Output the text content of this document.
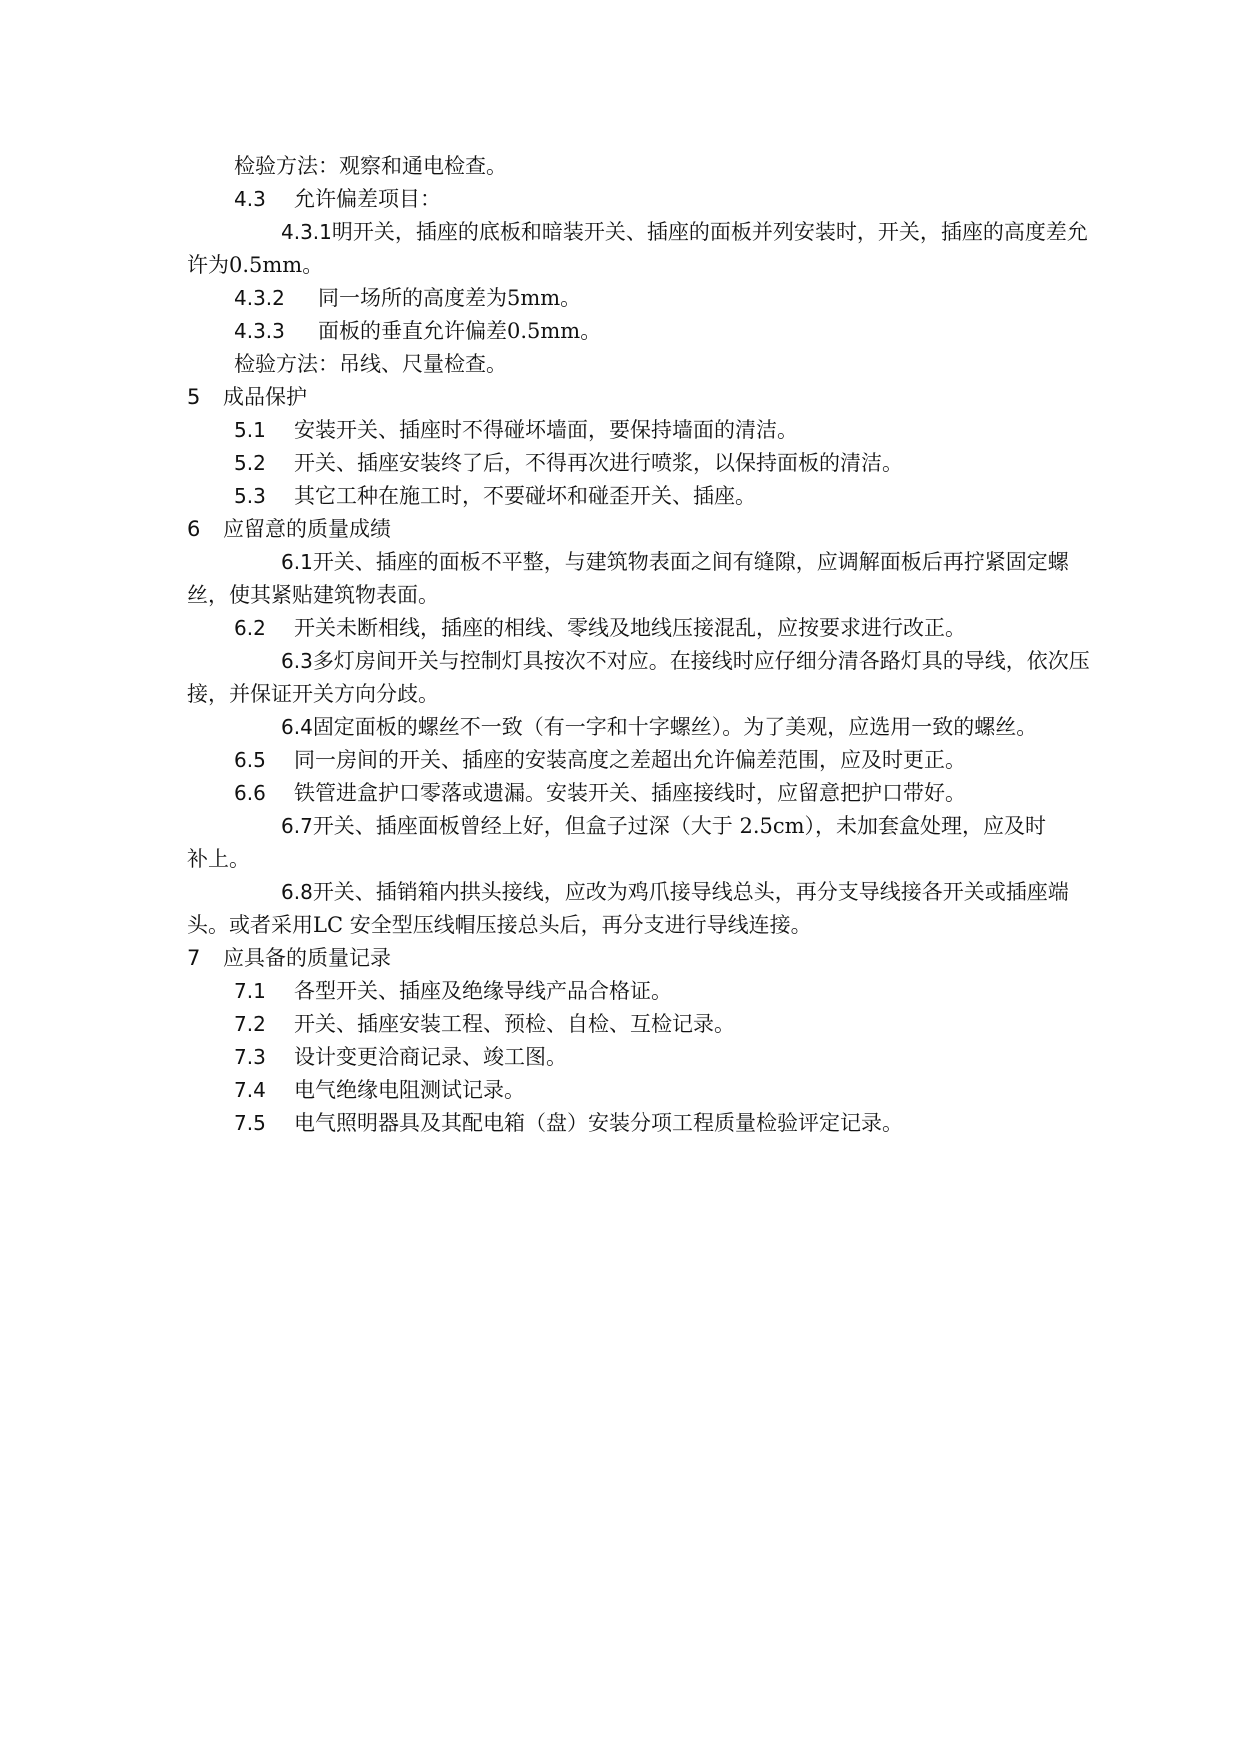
检验方法：观察和通电检查。
4.3 允许偏差项目：
4.3.1明开关，插座的底板和暗装开关、插座的面板并列安装时，开关，插座的高度差允许为0.5mm。
4.3.2 同一场所的高度差为5mm。
4.3.3 面板的垂直允许偏差0.5mm。
检验方法：吊线、尺量检查。
5 成品保护
5.1 安装开关、插座时不得碰坏墙面，要保持墙面的清洁。
5.2 开关、插座安装终了后，不得再次进行喷浆，以保持面板的清洁。
5.3 其它工种在施工时，不要碰坏和碰歪开关、插座。
6 应留意的质量成绩
6.1开关、插座的面板不平整，与建筑物表面之间有缝隙，应调解面板后再拧紧固定螺丝，使其紧贴建筑物表面。
6.2 开关未断相线，插座的相线、零线及地线压接混乱，应按要求进行改正。
6.3多灯房间开关与控制灯具按次不对应。在接线时应仔细分清各路灯具的导线，依次压接，并保证开关方向分歧。
6.4固定面板的螺丝不一致（有一字和十字螺丝）。为了美观，应选用一致的螺丝。
6.5 同一房间的开关、插座的安装高度之差超出允许偏差范围，应及时更正。
6.6 铁管进盒护口零落或遗漏。安装开关、插座接线时，应留意把护口带好。
6.7开关、插座面板曾经上好，但盒子过深（大于 2.5cm），未加套盒处理，应及时补上。
6.8开关、插销箱内拱头接线，应改为鸡爪接导线总头，再分支导线接各开关或插座端头。或者采用LC 安全型压线帽压接总头后，再分支进行导线连接。
7 应具备的质量记录
7.1 各型开关、插座及绝缘导线产品合格证。
7.2 开关、插座安装工程、预检、自检、互检记录。
7.3 设计变更洽商记录、竣工图。
7.4 电气绝缘电阻测试记录。
7.5 电气照明器具及其配电箱（盘）安装分项工程质量检验评定记录。
